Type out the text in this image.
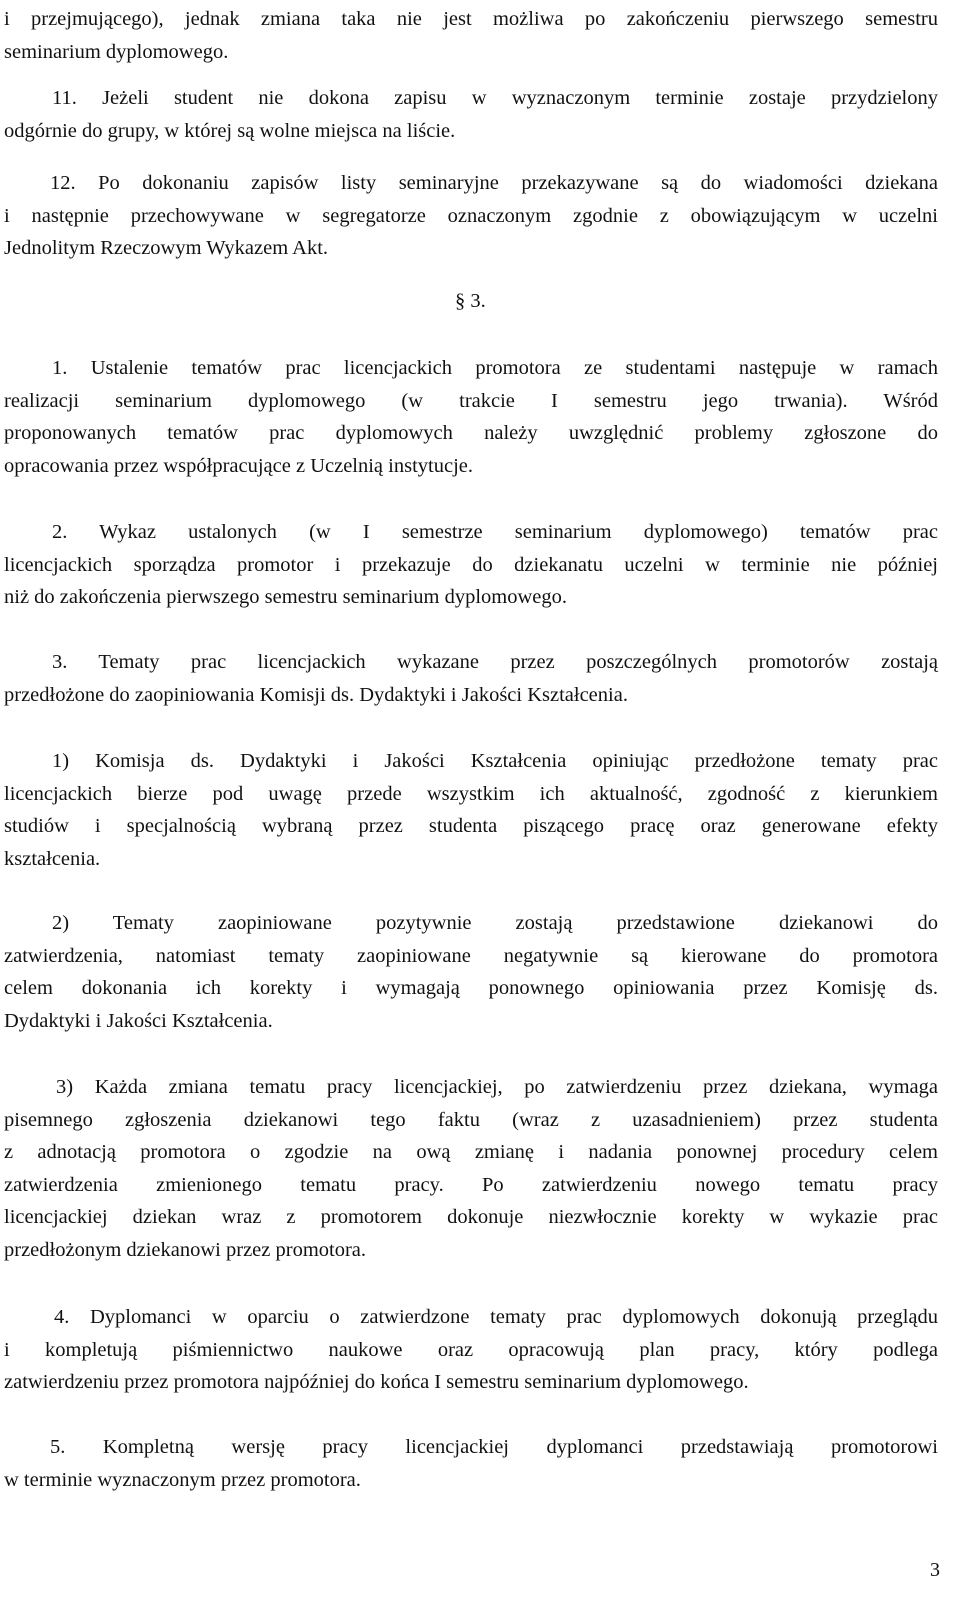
i przejmującego), jednak zmiana taka nie jest możliwa po zakończeniu pierwszego semestru
seminarium dyplomowego.
11. Jeżeli student nie dokona zapisu w wyznaczonym terminie zostaje przydzielony
odgórnie do grupy, w której są wolne miejsca na liście.
12. Po dokonaniu zapisów listy seminaryjne przekazywane są do wiadomości dziekana
i następnie przechowywane w segregatorze oznaczonym zgodnie z obowiązującym w uczelni
Jednolitym Rzeczowym Wykazem Akt.
§ 3.
1. Ustalenie tematów prac licencjackich promotora ze studentami następuje w ramach
realizacji seminarium dyplomowego (w trakcie I semestru jego trwania). Wśród
proponowanych tematów prac dyplomowych należy uwzględnić problemy zgłoszone do
opracowania przez współpracujące z Uczelnią instytucje.
2. Wykaz ustalonych (w I semestrze seminarium dyplomowego) tematów prac
licencjackich sporządza promotor i przekazuje do dziekanatu uczelni w terminie nie później
niż do zakończenia pierwszego semestru seminarium dyplomowego.
3. Tematy prac licencjackich wykazane przez poszczególnych promotorów zostają
przedłożone do zaopiniowania Komisji ds. Dydaktyki i Jakości Kształcenia.
1) Komisja ds. Dydaktyki i Jakości Kształcenia opiniując przedłożone tematy prac
licencjackich bierze pod uwagę przede wszystkim ich aktualność, zgodność z kierunkiem
studiów i specjalnością wybraną przez studenta piszącego pracę oraz generowane efekty
kształcenia.
2) Tematy zaopiniowane pozytywnie zostają przedstawione dziekanowi do
zatwierdzenia, natomiast tematy zaopiniowane negatywnie są kierowane do promotora
celem dokonania ich korekty i wymagają ponownego opiniowania przez Komisję ds.
Dydaktyki i Jakości Kształcenia.
3) Każda zmiana tematu pracy licencjackiej, po zatwierdzeniu przez dziekana, wymaga
pisemnego zgłoszenia dziekanowi tego faktu (wraz z uzasadnieniem) przez studenta
z adnotacją promotora o zgodzie na ową zmianę i nadania ponownej procedury celem
zatwierdzenia zmienionego tematu pracy. Po zatwierdzeniu nowego tematu pracy
licencjackiej dziekan wraz z promotorem dokonuje niezwłocznie korekty w wykazie prac
przedłożonym dziekanowi przez promotora.
4. Dyplomanci w oparciu o zatwierdzone tematy prac dyplomowych dokonują przeglądu
i kompletują piśmiennictwo naukowe oraz opracowują plan pracy, który podlega
zatwierdzeniu przez promotora najpóźniej do końca I semestru seminarium dyplomowego.
5. Kompletną wersję pracy licencjackiej dyplomanci przedstawiają promotorowi
w terminie wyznaczonym przez promotora.
3
